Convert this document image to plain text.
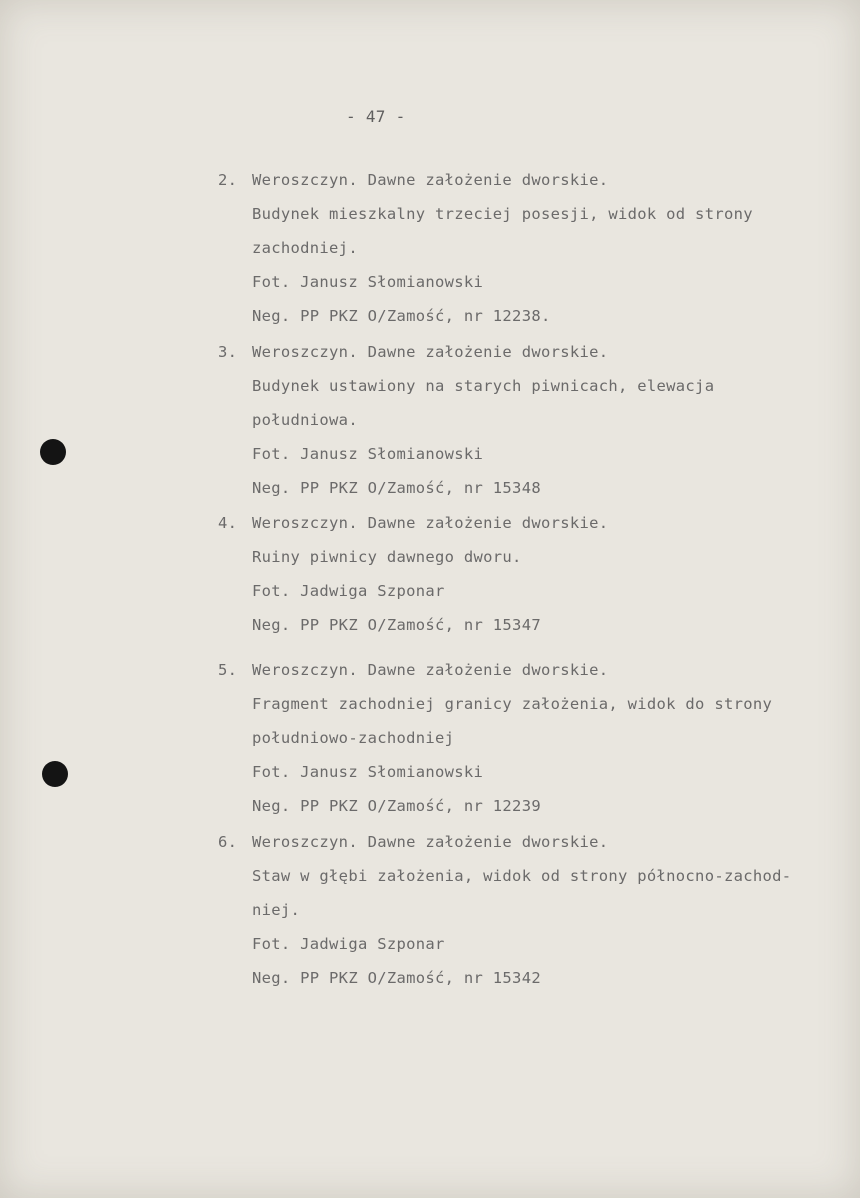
- 47 -
2. Weroszczyn. Dawne założenie dworskie.
Budynek mieszkalny trzeciej posesji, widok od strony
zachodniej.
Fot. Janusz Słomianowski
Neg. PP PKZ O/Zamość, nr 12238.
3. Weroszczyn. Dawne założenie dworskie.
Budynek ustawiony na starych piwnicach, elewacja
południowa.
Fot. Janusz Słomianowski
Neg. PP PKZ O/Zamość, nr 15348
4. Weroszczyn. Dawne założenie dworskie.
Ruiny piwnicy dawnego dworu.
Fot. Jadwiga Szponar
Neg. PP PKZ O/Zamość, nr 15347
5. Weroszczyn. Dawne założenie dworskie.
Fragment zachodniej granicy założenia, widok do strony
południowo-zachodniej
Fot. Janusz Słomianowski
Neg. PP PKZ O/Zamość, nr 12239
6. Weroszczyn. Dawne założenie dworskie.
Staw w głębi założenia, widok od strony północno-zachod-
niej.
Fot. Jadwiga Szponar
Neg. PP PKZ O/Zamość, nr 15342
